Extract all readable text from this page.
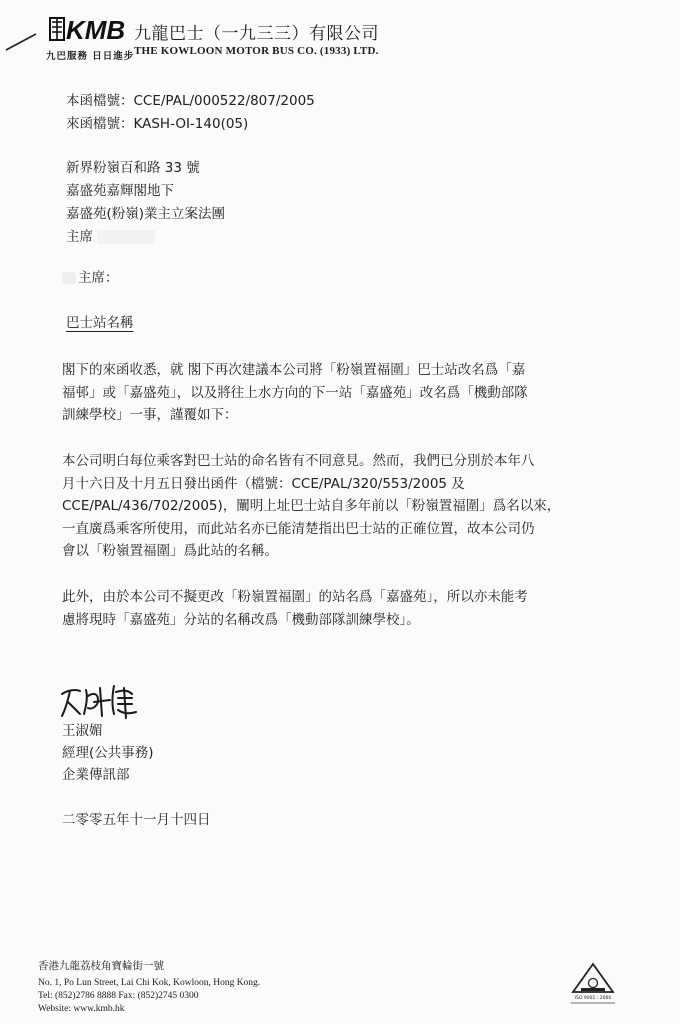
KMB
九巴服務 日日進步
九龍巴士（一九三三）有限公司
THE KOWLOON MOTOR BUS CO. (1933) LTD.
本函檔號：CCE/PAL/000522/807/2005
來函檔號：KASH-OI-140(05)
新界粉嶺百和路 33 號
嘉盛苑嘉輝閣地下
嘉盛苑(粉嶺)業主立案法團
主席
主席：
巴士站名稱
閣下的來函收悉，就 閣下再次建議本公司將「粉嶺置福圍」巴士站改名爲「嘉
福邨」或「嘉盛苑」，以及將往上水方向的下一站「嘉盛苑」改名爲「機動部隊
訓練學校」一事，謹覆如下：
本公司明白每位乘客對巴士站的命名皆有不同意見。然而，我們已分別於本年八
月十六日及十月五日發出函件（檔號：CCE/PAL/320/553/2005 及
CCE/PAL/436/702/2005)，闡明上址巴士站自多年前以「粉嶺置福圍」爲名以來，
一直廣爲乘客所使用，而此站名亦已能清楚指出巴士站的正確位置，故本公司仍
會以「粉嶺置福圍」爲此站的名稱。
此外，由於本公司不擬更改「粉嶺置福圍」的站名爲「嘉盛苑」，所以亦未能考
慮將現時「嘉盛苑」分站的名稱改爲「機動部隊訓練學校」。
王淑媚
經理(公共事務)
企業傳訊部
二零零五年十一月十四日
香港九龍荔枝角寶輪街一號
No. 1, Po Lun Street, Lai Chi Kok, Kowloon, Hong Kong.
Tel: (852)2786 8888 Fax: (852)2745 0300
Website: www.kmb.hk
ISO 9001 : 2000
